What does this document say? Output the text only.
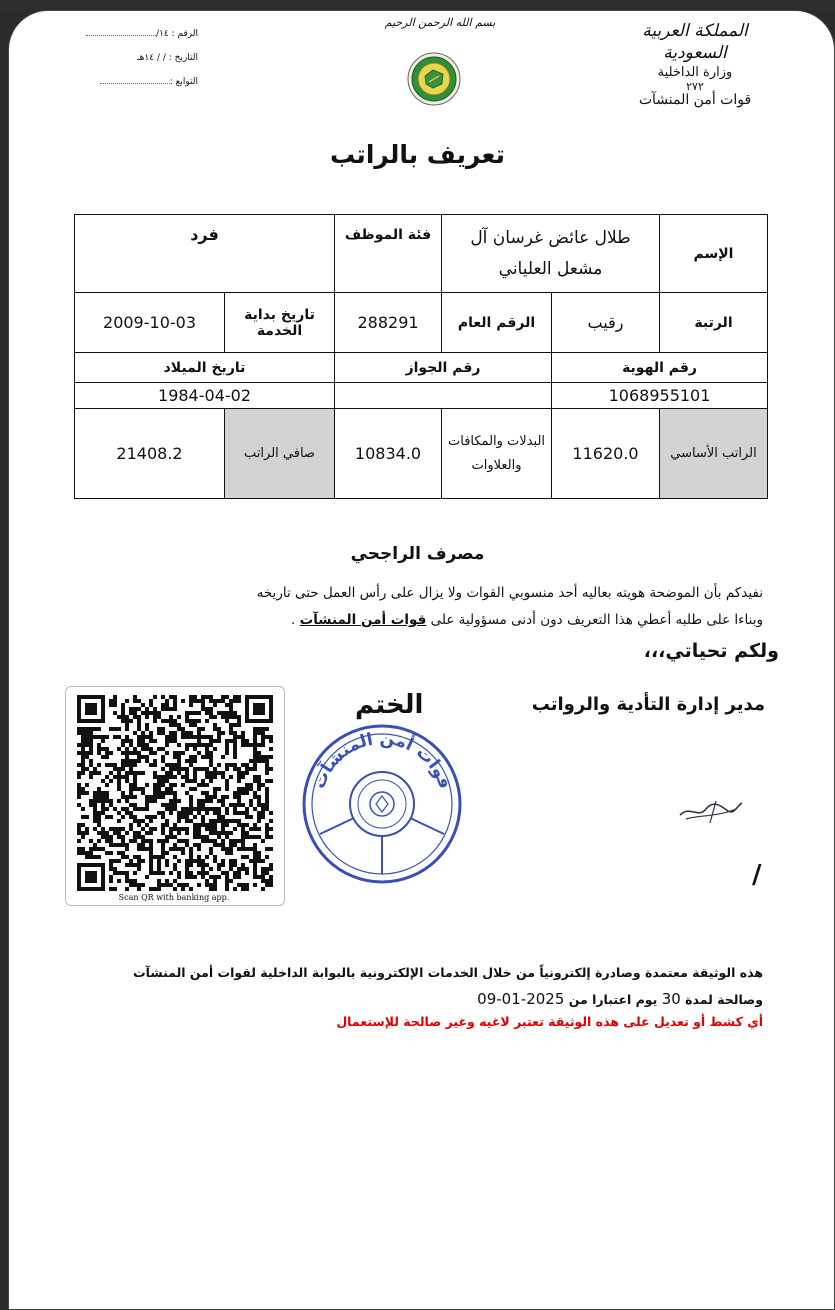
المملكة العربية السعودية
وزارة الداخلية
٢٧٢
قوات أمن المنشآت
بسم الله الرحمن الرحيم
الرقم : ١٤/
التاريخ : / / ١٤هـ
التوابع :
تعريف بالراتب
الإسم	طلال عائض غرسان آل مشعل العلياني		فئة الموظف	فرد	
الرتبة	رقيب	الرقم العام	288291	تاريخ بداية الخدمة	2009-10-03
رقم الهوية		رقم الجواز		تاريخ الميلاد	
1068955101				1984-04-02	
الراتب الأساسي	11620.0	البدلات والمكافات والعلاوات	10834.0	صافي الراتب	21408.2
مصرف الراجحي
نفيدكم بأن الموضحة هويته بعاليه أحد منسوبي القوات ولا يزال على رأس العمل حتى تاريخه
وبناءا على طلبه أعطي هذا التعريف دون أدنى مسؤولية على قوات أمن المنشآت .
ولكم تحياتي،،،
مدير إدارة التأدية والرواتب
الختم
قوات أمن المنشآت
/
Scan QR with banking app.
هذه الوثيقة معتمدة وصادرة إلكترونياً من خلال الخدمات الإلكترونية بالبوابة الداخلية لقوات أمن المنشآت
وصالحة لمدة 30 يوم اعتبارا من 2025-01-09
أي كشط أو تعديل على هذه الوثيقة تعتبر لاغيه وغير صالحة للإستعمال
